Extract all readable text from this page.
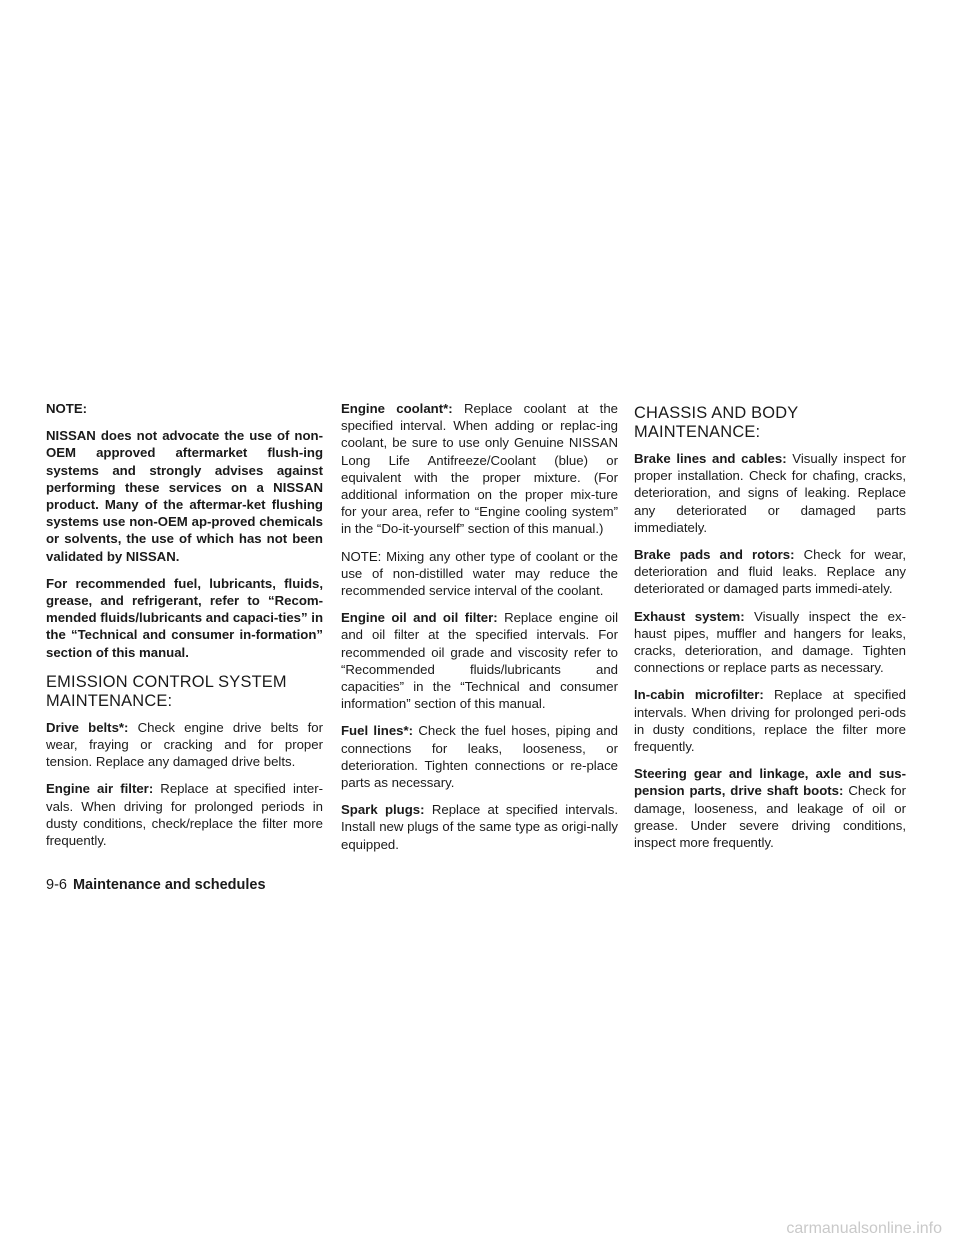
NOTE:

NISSAN does not advocate the use of non-OEM approved aftermarket flush-ing systems and strongly advises against performing these services on a NISSAN product. Many of the aftermar-ket flushing systems use non-OEM ap-proved chemicals or solvents, the use of which has not been validated by NISSAN.

For recommended fuel, lubricants, fluids, grease, and refrigerant, refer to “Recom-mended fluids/lubricants and capaci-ties” in the “Technical and consumer in-formation” section of this manual.

EMISSION CONTROL SYSTEM MAINTENANCE:

Drive belts*: Check engine drive belts for wear, fraying or cracking and for proper tension. Replace any damaged drive belts.

Engine air filter: Replace at specified inter-vals. When driving for prolonged periods in dusty conditions, check/replace the filter more frequently.

Engine coolant*: Replace coolant at the specified interval. When adding or replac-ing coolant, be sure to use only Genuine NISSAN Long Life Antifreeze/Coolant (blue) or equivalent with the proper mixture. (For additional information on the proper mix-ture for your area, refer to “Engine cooling system” in the “Do-it-yourself” section of this manual.)

NOTE: Mixing any other type of coolant or the use of non-distilled water may reduce the recommended service interval of the coolant.

Engine oil and oil filter: Replace engine oil and oil filter at the specified intervals. For recommended oil grade and viscosity refer to “Recommended fluids/lubricants and capacities” in the “Technical and consumer information” section of this manual.

Fuel lines*: Check the fuel hoses, piping and connections for leaks, looseness, or deterioration. Tighten connections or re-place parts as necessary.

Spark plugs: Replace at specified intervals. Install new plugs of the same type as origi-nally equipped.

CHASSIS AND BODY MAINTENANCE:

Brake lines and cables: Visually inspect for proper installation. Check for chafing, cracks, deterioration, and signs of leaking. Replace any deteriorated or damaged parts immediately.

Brake pads and rotors: Check for wear, deterioration and fluid leaks. Replace any deteriorated or damaged parts immedi-ately.

Exhaust system: Visually inspect the ex-haust pipes, muffler and hangers for leaks, cracks, deterioration, and damage. Tighten connections or replace parts as necessary.

In-cabin microfilter: Replace at specified intervals. When driving for prolonged peri-ods in dusty conditions, replace the filter more frequently.

Steering gear and linkage, axle and sus-pension parts, drive shaft boots: Check for damage, looseness, and leakage of oil or grease. Under severe driving conditions, inspect more frequently.

9-6 Maintenance and schedules
carmanualsonline.info
